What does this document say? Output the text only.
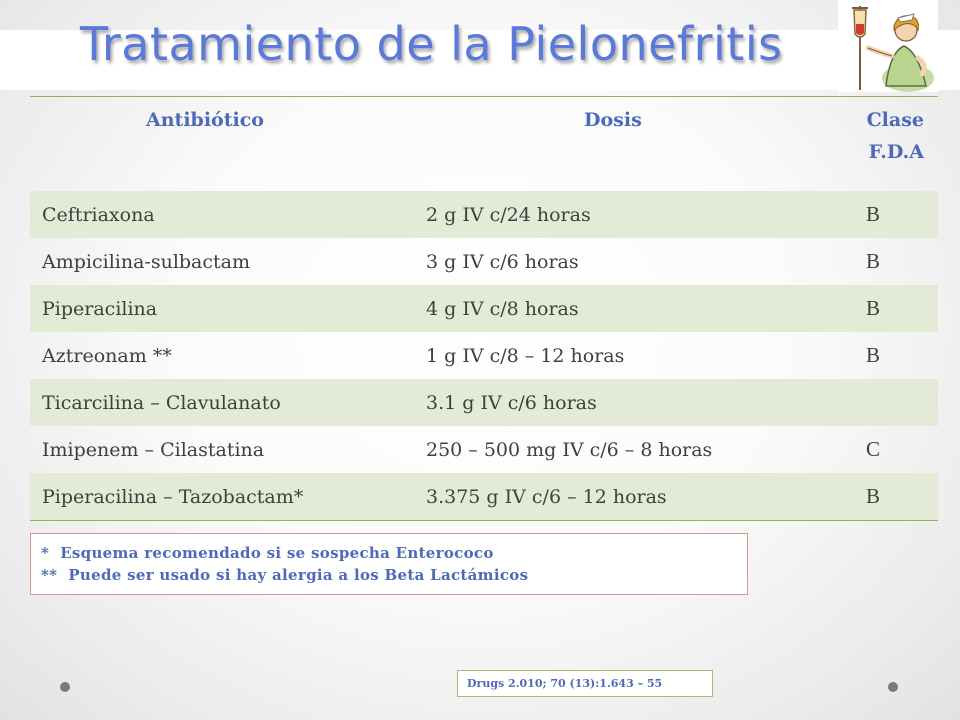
Tratamiento de la Pielonefritis
Antibiótico	Dosis	Clase
F.D.A
Ceftriaxona	2 g IV c/24 horas	B
Ampicilina-sulbactam	3 g IV c/6 horas	B
Piperacilina	4 g IV c/8 horas	B
Aztreonam **	1 g IV c/8 – 12 horas	B
Ticarcilina – Clavulanato	3.1 g IV c/6 horas	
Imipenem – Cilastatina	250 – 500 mg IV c/6 – 8 horas	C
Piperacilina – Tazobactam*	3.375 g IV c/6 – 12 horas	B
*  Esquema recomendado si se sospecha Enterococo
**  Puede ser usado si hay alergia a los Beta Lactámicos
Drugs 2.010; 70 (13):1.643 – 55
